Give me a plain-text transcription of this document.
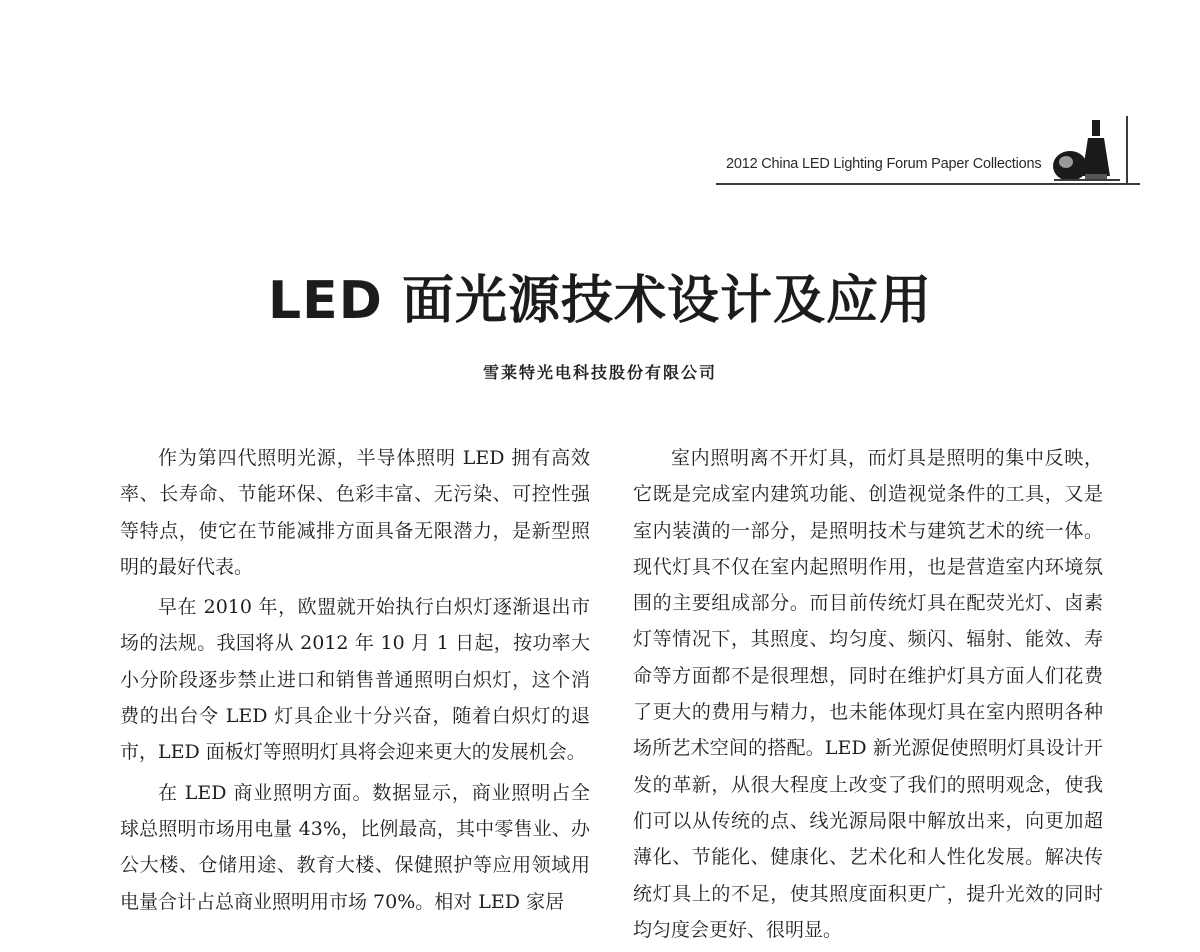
2012 China LED Lighting Forum Paper Collections
LED 面光源技术设计及应用
雪莱特光电科技股份有限公司

作为第四代照明光源，半导体照明 LED 拥有高效率、长寿命、节能环保、色彩丰富、无污染、可控性强等特点，使它在节能减排方面具备无限潜力，是新型照明的最好代表。

早在 2010 年，欧盟就开始执行白炽灯逐渐退出市场的法规。我国将从 2012 年 10 月 1 日起，按功率大小分阶段逐步禁止进口和销售普通照明白炽灯，这个消费的出台令 LED 灯具企业十分兴奋，随着白炽灯的退市，LED 面板灯等照明灯具将会迎来更大的发展机会。

在 LED 商业照明方面。数据显示，商业照明占全球总照明市场用电量 43%，比例最高，其中零售业、办公大楼、仓储用途、教育大楼、保健照护等应用领域用电量合计占总商业照明用市场 70%。相对 LED 家居

室内照明离不开灯具，而灯具是照明的集中反映，它既是完成室内建筑功能、创造视觉条件的工具，又是室内装潢的一部分，是照明技术与建筑艺术的统一体。现代灯具不仅在室内起照明作用，也是营造室内环境氛围的主要组成部分。而目前传统灯具在配荧光灯、卤素灯等情况下，其照度、均匀度、频闪、辐射、能效、寿命等方面都不是很理想，同时在维护灯具方面人们花费了更大的费用与精力，也未能体现灯具在室内照明各种场所艺术空间的搭配。LED 新光源促使照明灯具设计开发的革新，从很大程度上改变了我们的照明观念，使我们可以从传统的点、线光源局限中解放出来，向更加超薄化、节能化、健康化、艺术化和人性化发展。解决传统灯具上的不足，使其照度面积更广，提升光效的同时均匀度会更好、很明显。
